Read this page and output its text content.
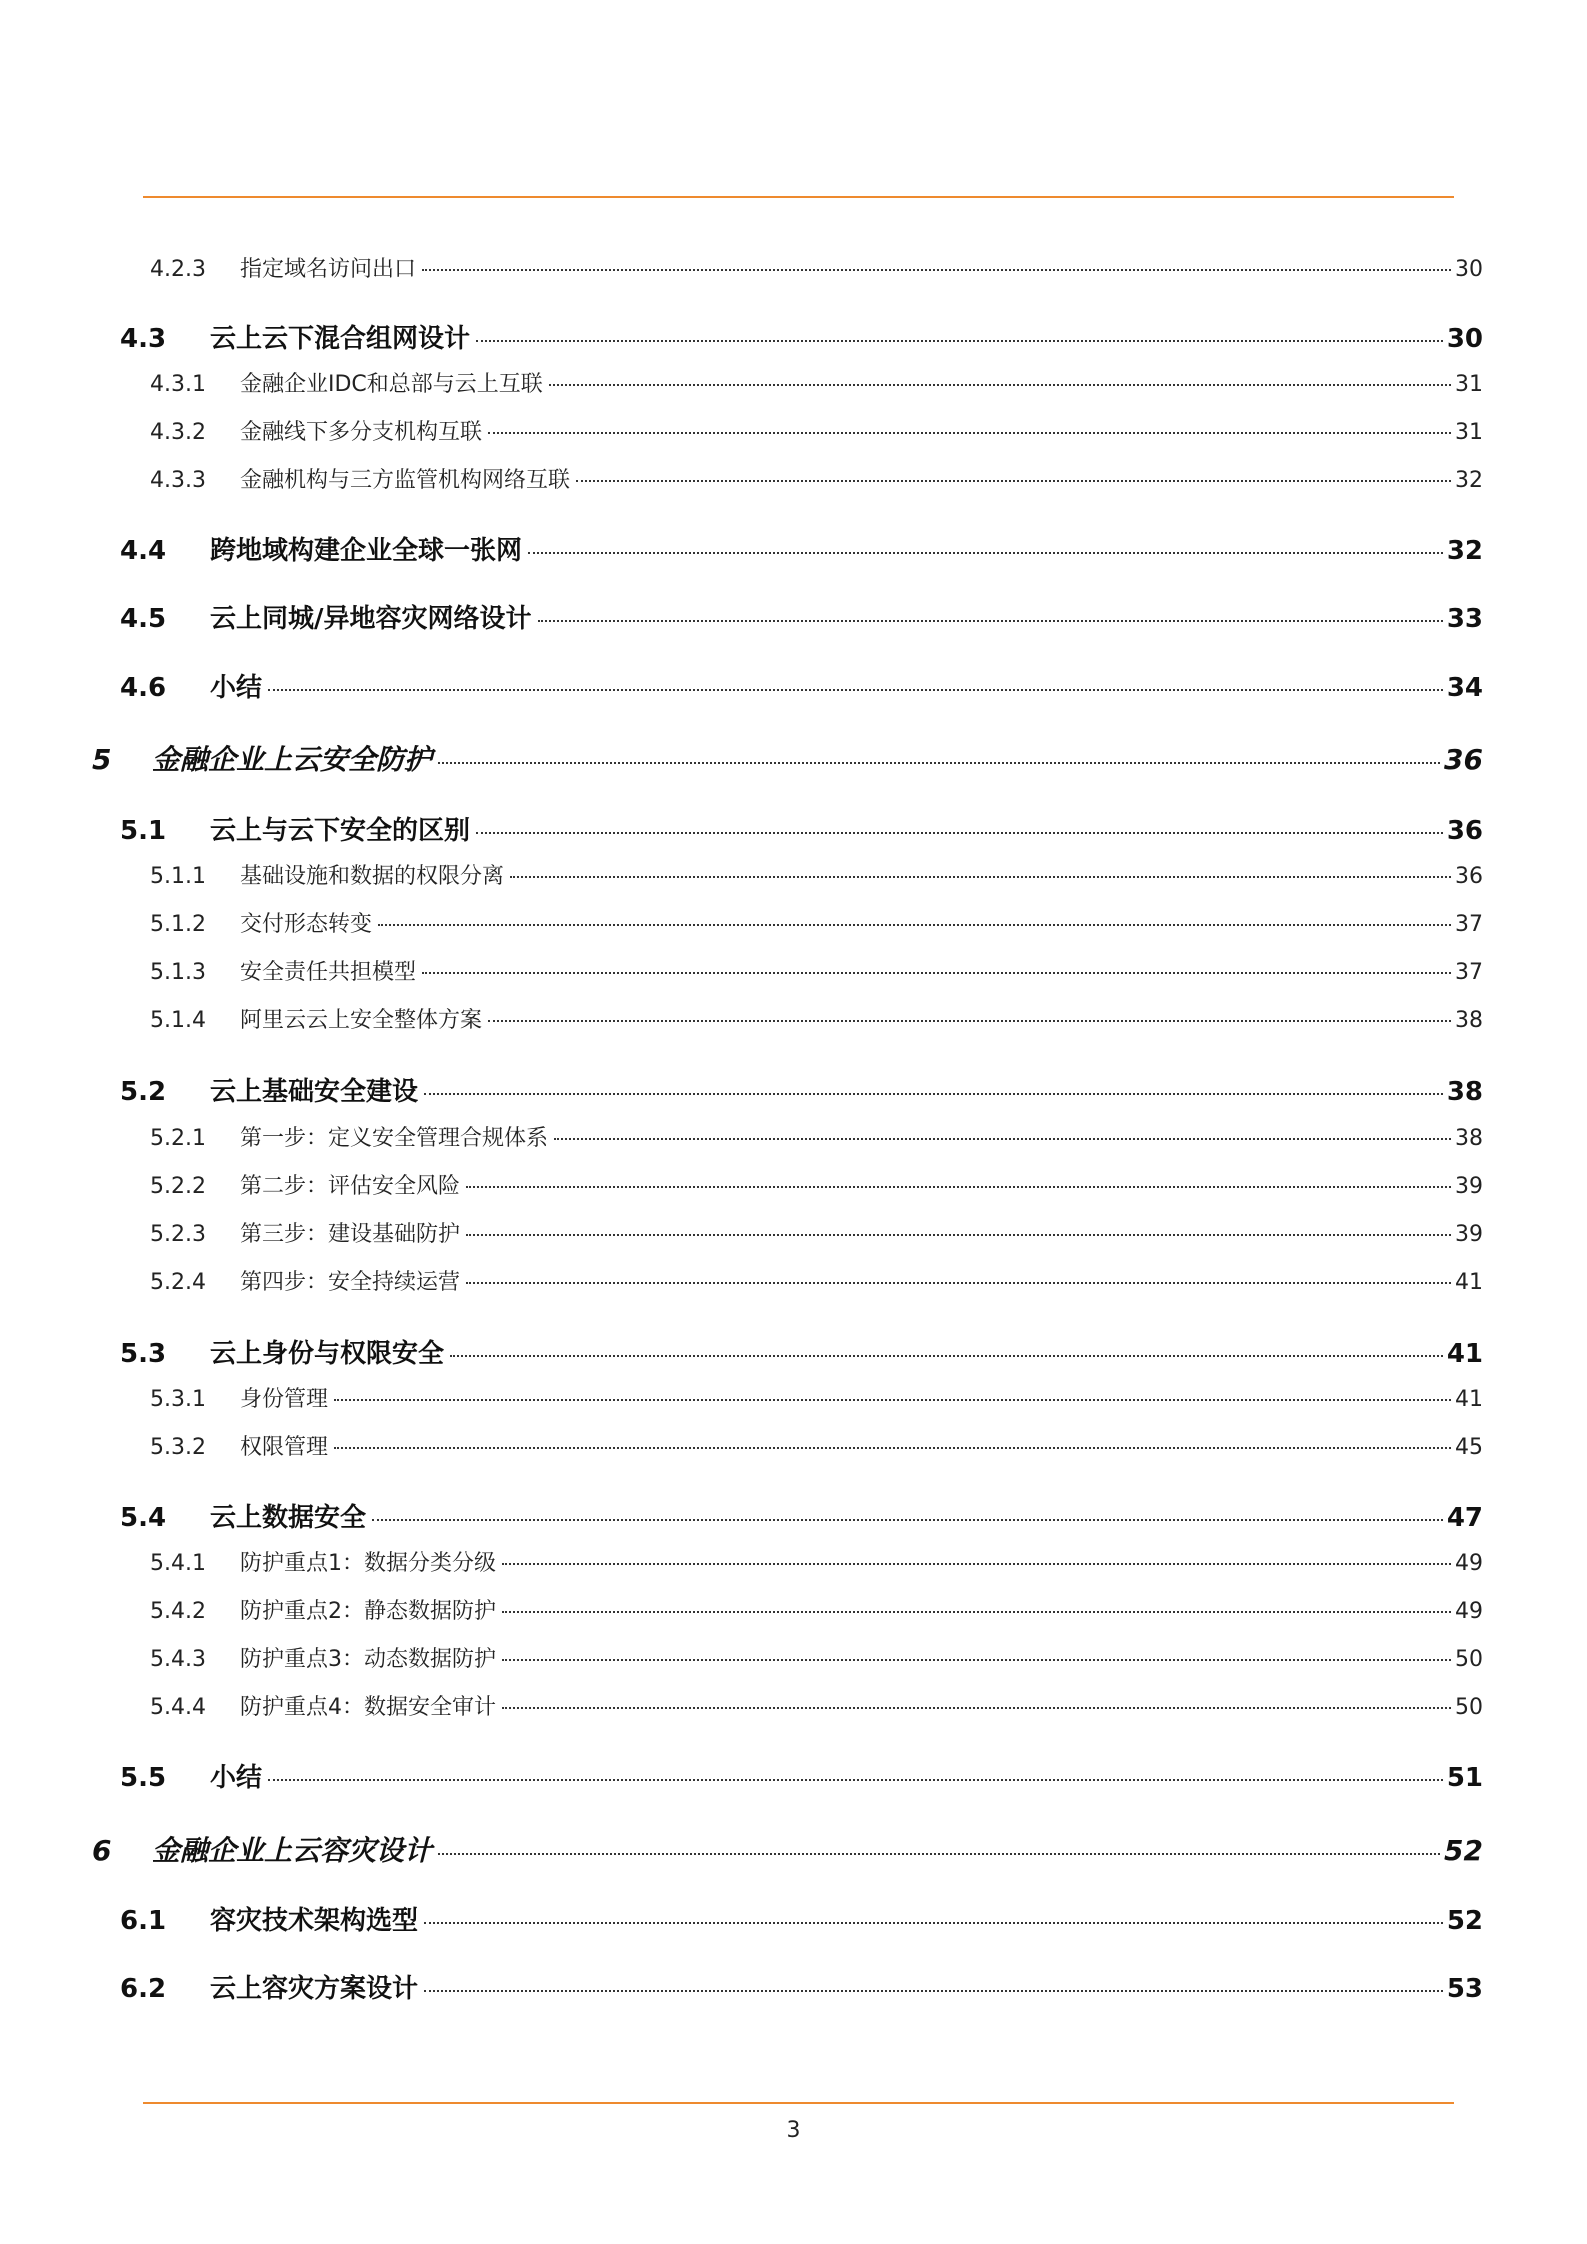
4.2.3	指定域名访问出口	30
4.3	云上云下混合组网设计	30
4.3.1	金融企业IDC和总部与云上互联	31
4.3.2	金融线下多分支机构互联	31
4.3.3	金融机构与三方监管机构网络互联	32
4.4	跨地域构建企业全球一张网	32
4.5	云上同城/异地容灾网络设计	33
4.6	小结	34
5	金融企业上云安全防护	36
5.1	云上与云下安全的区别	36
5.1.1	基础设施和数据的权限分离	36
5.1.2	交付形态转变	37
5.1.3	安全责任共担模型	37
5.1.4	阿里云云上安全整体方案	38
5.2	云上基础安全建设	38
5.2.1	第一步：定义安全管理合规体系	38
5.2.2	第二步：评估安全风险	39
5.2.3	第三步：建设基础防护	39
5.2.4	第四步：安全持续运营	41
5.3	云上身份与权限安全	41
5.3.1	身份管理	41
5.3.2	权限管理	45
5.4	云上数据安全	47
5.4.1	防护重点1：数据分类分级	49
5.4.2	防护重点2：静态数据防护	49
5.4.3	防护重点3：动态数据防护	50
5.4.4	防护重点4：数据安全审计	50
5.5	小结	51
6	金融企业上云容灾设计	52
6.1	容灾技术架构选型	52
6.2	云上容灾方案设计	53
3
